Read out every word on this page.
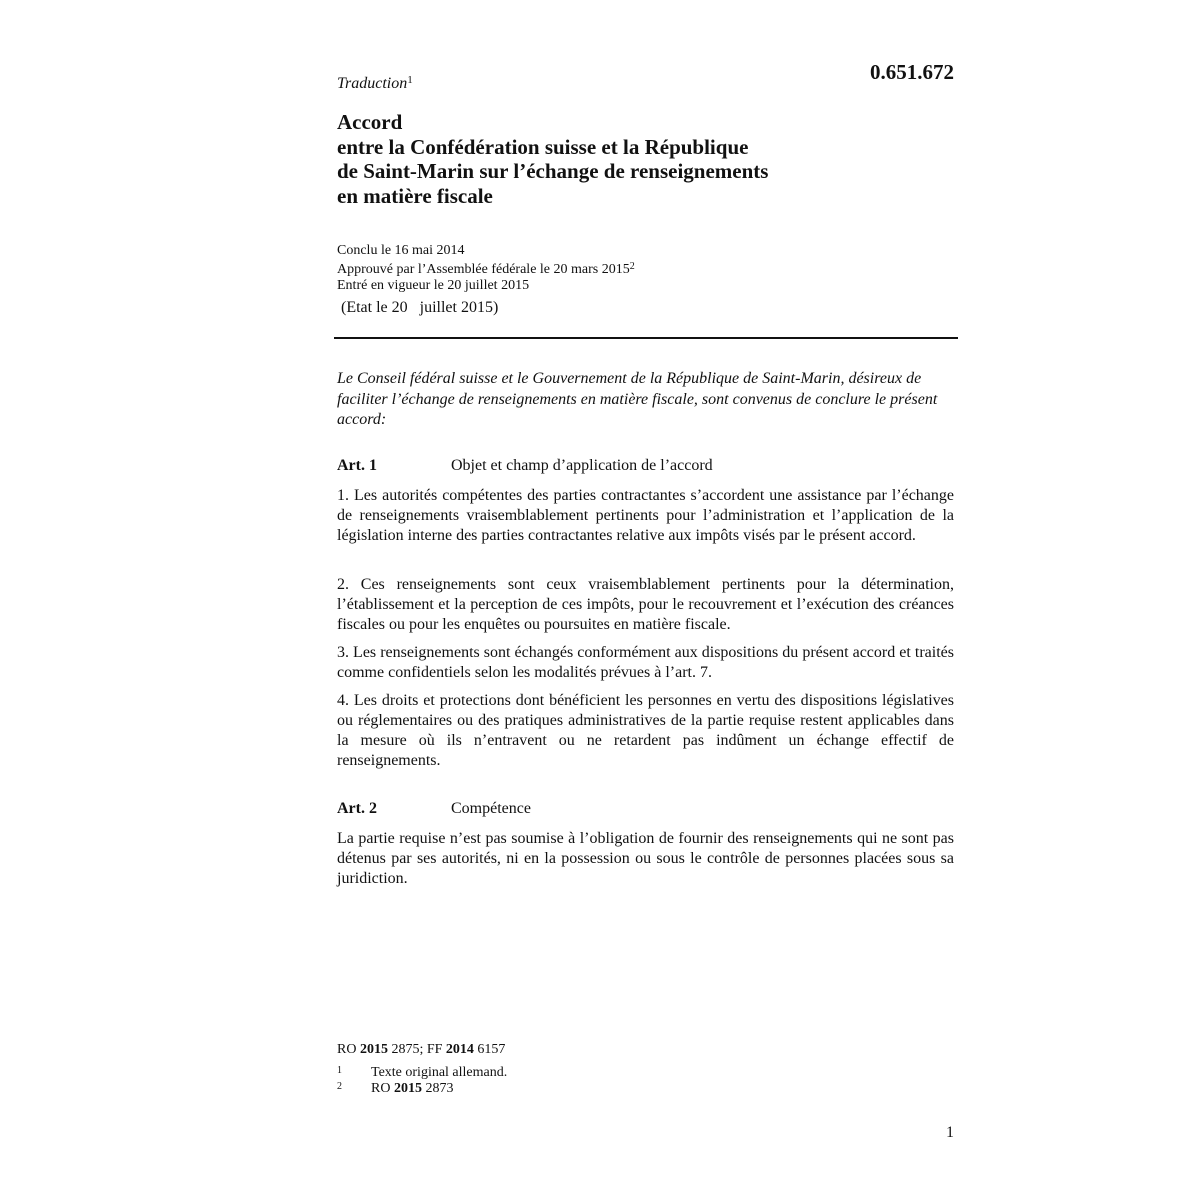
Traduction$^1$	0.651.672
Accord
entre la Confédération suisse et la République
de Saint-Marin sur l’échange de renseignements
en matière fiscale
Conclu le 16 mai 2014
Approuvé par l’Assemblée fédérale le 20 mars 2015$^2$
Entré en vigueur le 20 juillet 2015
(Etat le 20   juillet 2015)
Le Conseil fédéral suisse et le Gouvernement de la République de Saint-Marin, désireux de faciliter l’échange de renseignements en matière fiscale, sont convenus de conclure le présent accord:
Art. 1	Objet et champ d’application de l’accord
1. Les autorités compétentes des parties contractantes s’accordent une assistance par l’échange de renseignements vraisemblablement pertinents pour l’administration et l’application de la législation interne des parties contractantes relative aux impôts visés par le présent accord.
2. Ces renseignements sont ceux vraisemblablement pertinents pour la détermination, l’établissement et la perception de ces impôts, pour le recouvrement et l’exécution des créances fiscales ou pour les enquêtes ou poursuites en matière fiscale.
3. Les renseignements sont échangés conformément aux dispositions du présent accord et traités comme confidentiels selon les modalités prévues à l’art. 7.
4. Les droits et protections dont bénéficient les personnes en vertu des dispositions législatives ou réglementaires ou des pratiques administratives de la partie requise restent applicables dans la mesure où ils n’entravent ou ne retardent pas indûment un échange effectif de renseignements.
Art. 2	Compétence
La partie requise n’est pas soumise à l’obligation de fournir des renseignements qui ne sont pas détenus par ses autorités, ni en la possession ou sous le contrôle de personnes placées sous sa juridiction.
RO 2015 2875; FF 2014 6157
1 Texte original allemand.
2 RO 2015 2873
1
